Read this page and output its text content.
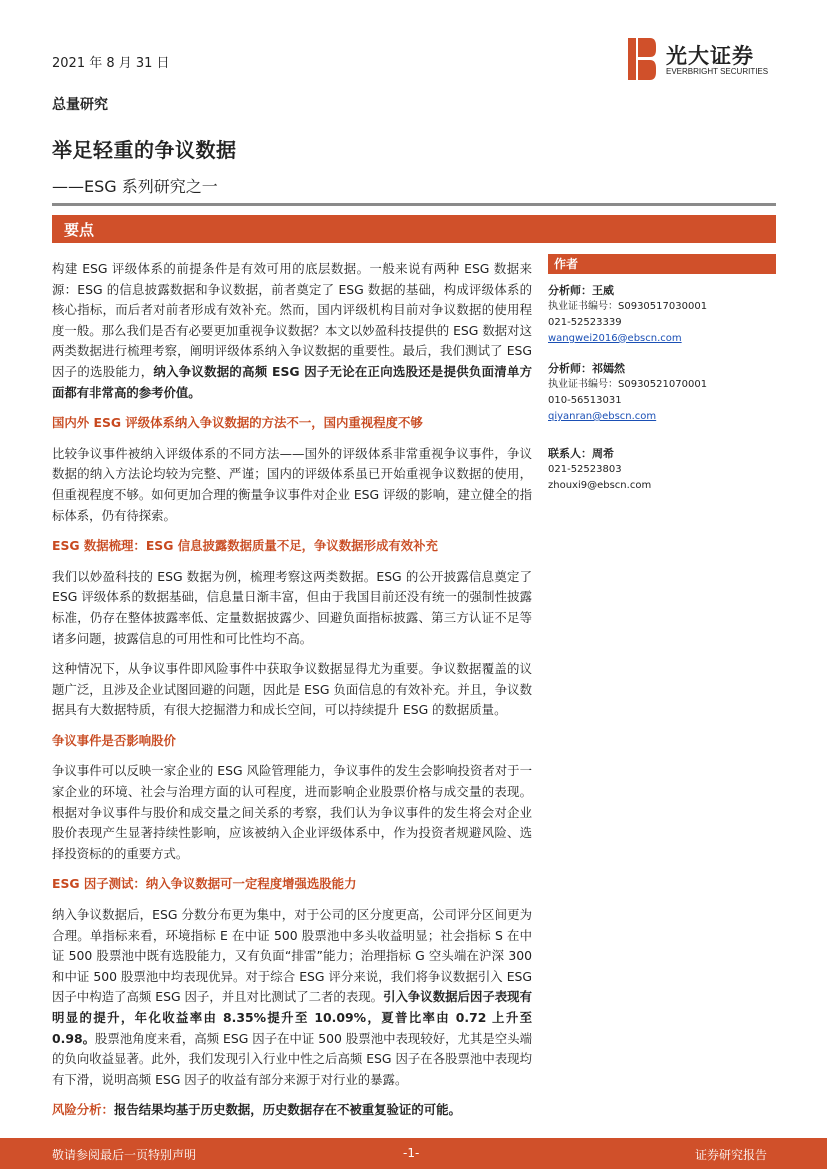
2021 年 8 月 31 日
总量研究
举足轻重的争议数据
——ESG 系列研究之一
光大证券
EVERBRIGHT SECURITIES
要点

构建 ESG 评级体系的前提条件是有效可用的底层数据。一般来说有两种 ESG 数据来源：ESG 的信息披露数据和争议数据，前者奠定了 ESG 数据的基础，构成评级体系的核心指标，而后者对前者形成有效补充。然而，国内评级机构目前对争议数据的使用程度一般。那么我们是否有必要更加重视争议数据？本文以妙盈科技提供的 ESG 数据对这两类数据进行梳理考察，阐明评级体系纳入争议数据的重要性。最后，我们测试了 ESG 因子的选股能力，纳入争议数据的高频 ESG 因子无论在正向选股还是提供负面清单方面都有非常高的参考价值。

国内外 ESG 评级体系纳入争议数据的方法不一，国内重视程度不够

比较争议事件被纳入评级体系的不同方法——国外的评级体系非常重视争议事件，争议数据的纳入方法论均较为完整、严谨；国内的评级体系虽已开始重视争议数据的使用，但重视程度不够。如何更加合理的衡量争议事件对企业 ESG 评级的影响，建立健全的指标体系，仍有待探索。

ESG 数据梳理：ESG 信息披露数据质量不足，争议数据形成有效补充

我们以妙盈科技的 ESG 数据为例，梳理考察这两类数据。ESG 的公开披露信息奠定了 ESG 评级体系的数据基础，信息量日渐丰富，但由于我国目前还没有统一的强制性披露标准，仍存在整体披露率低、定量数据披露少、回避负面指标披露、第三方认证不足等诸多问题，披露信息的可用性和可比性均不高。

这种情况下，从争议事件即风险事件中获取争议数据显得尤为重要。争议数据覆盖的议题广泛，且涉及企业试图回避的问题，因此是 ESG 负面信息的有效补充。并且，争议数据具有大数据特质，有很大挖掘潜力和成长空间，可以持续提升 ESG 的数据质量。

争议事件是否影响股价

争议事件可以反映一家企业的 ESG 风险管理能力，争议事件的发生会影响投资者对于一家企业的环境、社会与治理方面的认可程度，进而影响企业股票价格与成交量的表现。根据对争议事件与股价和成交量之间关系的考察，我们认为争议事件的发生将会对企业股价表现产生显著持续性影响，应该被纳入企业评级体系中，作为投资者规避风险、选择投资标的的重要方式。

ESG 因子测试：纳入争议数据可一定程度增强选股能力

纳入争议数据后，ESG 分数分布更为集中，对于公司的区分度更高，公司评分区间更为合理。单指标来看，环境指标 E 在中证 500 股票池中多头收益明显；社会指标 S 在中证 500 股票池中既有选股能力，又有负面“排雷”能力；治理指标 G 空头端在沪深 300 和中证 500 股票池中均表现优异。对于综合 ESG 评分来说，我们将争议数据引入 ESG 因子中构造了高频 ESG 因子，并且对比测试了二者的表现。引入争议数据后因子表现有明显的提升，年化收益率由 8.35%提升至 10.09%，夏普比率由 0.72 上升至 0.98。股票池角度来看，高频 ESG 因子在中证 500 股票池中表现较好，尤其是空头端的负向收益显著。此外，我们发现引入行业中性之后高频 ESG 因子在各股票池中表现均有下滑，说明高频 ESG 因子的收益有部分来源于对行业的暴露。

风险分析：报告结果均基于历史数据，历史数据存在不被重复验证的可能。

作者
分析师：王威
执业证书编号：S0930517030001
021-52523339
wangwei2016@ebscn.com
分析师：祁嫣然
执业证书编号：S0930521070001
010-56513031
qiyanran@ebscn.com
联系人：周希
021-52523803
zhouxi9@ebscn.com
敬请参阅最后一页特别声明	-1-	证券研究报告
